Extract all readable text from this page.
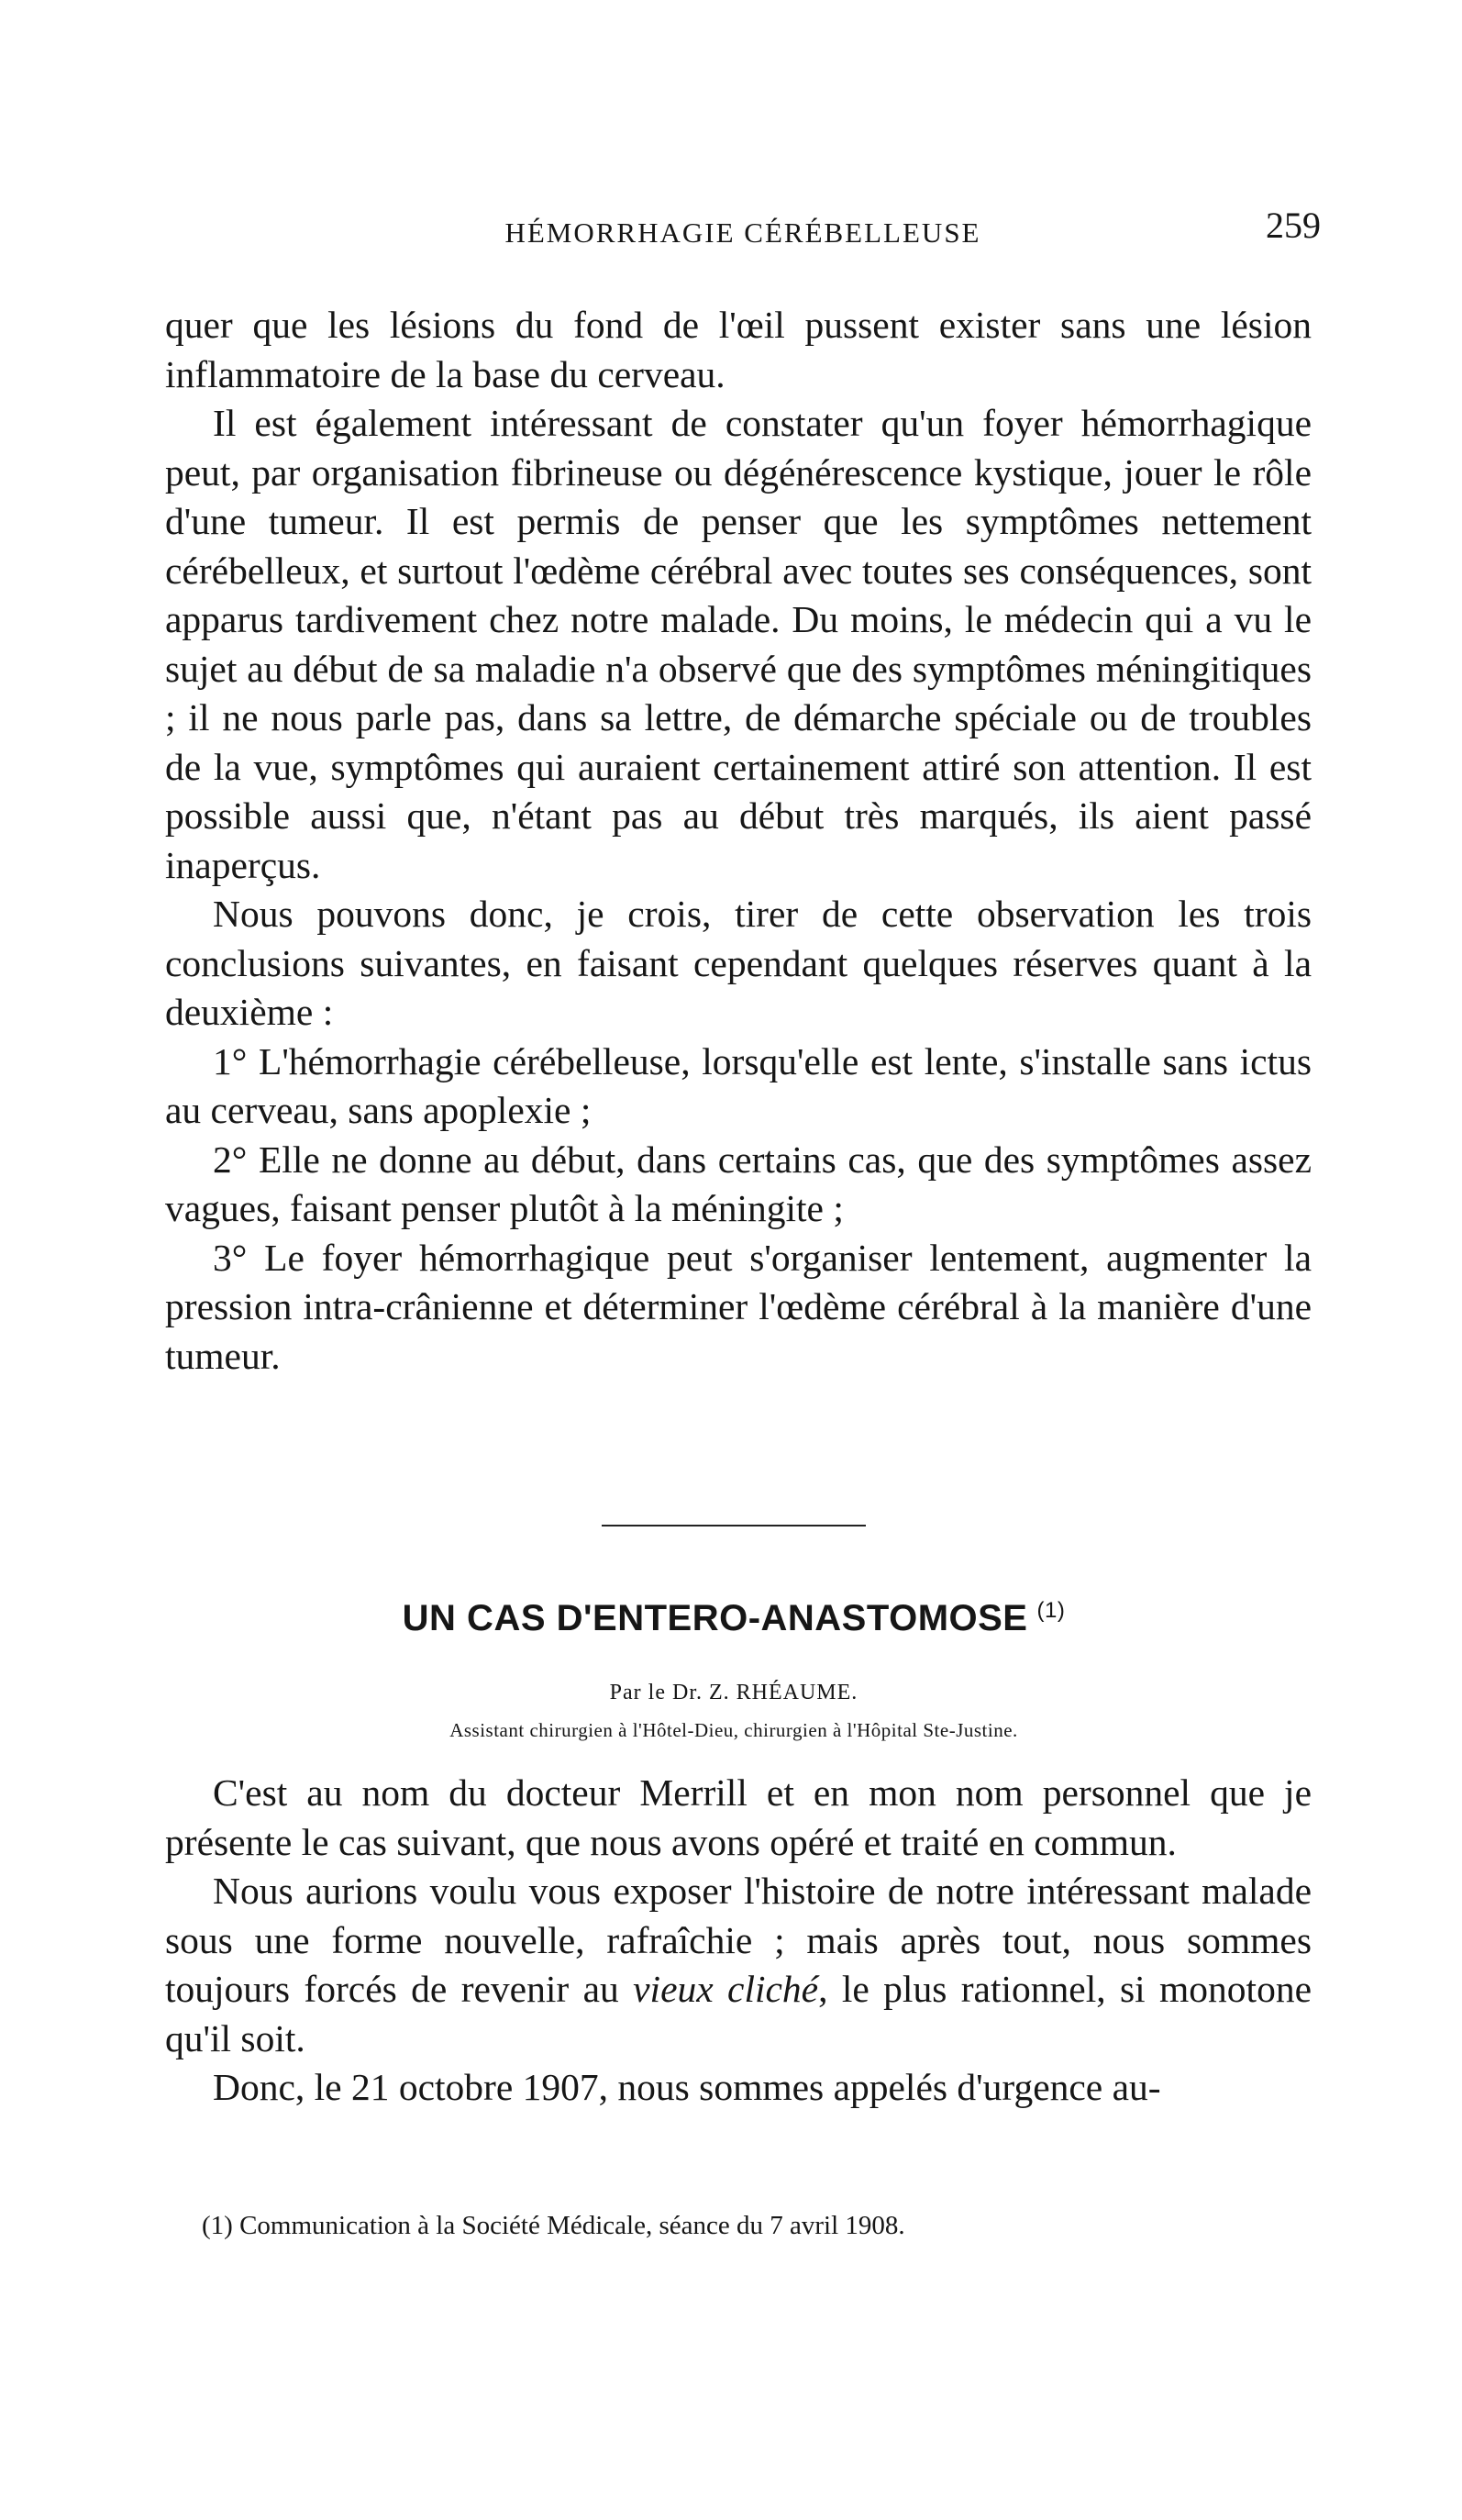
HÉMORRHAGIE CÉRÉBELLEUSE	259

quer que les lésions du fond de l'œil pussent exister sans une lésion inflammatoire de la base du cerveau.

Il est également intéressant de constater qu'un foyer hémorrhagique peut, par organisation fibrineuse ou dégénérescence kystique, jouer le rôle d'une tumeur. Il est permis de penser que les symptômes nettement cérébelleux, et surtout l'œdème cérébral avec toutes ses conséquences, sont apparus tardivement chez notre malade. Du moins, le médecin qui a vu le sujet au début de sa maladie n'a observé que des symptômes méningitiques ; il ne nous parle pas, dans sa lettre, de démarche spéciale ou de troubles de la vue, symptômes qui auraient certainement attiré son attention. Il est possible aussi que, n'étant pas au début très marqués, ils aient passé inaperçus.

Nous pouvons donc, je crois, tirer de cette observation les trois conclusions suivantes, en faisant cependant quelques réserves quant à la deuxième :

1° L'hémorrhagie cérébelleuse, lorsqu'elle est lente, s'installe sans ictus au cerveau, sans apoplexie ;

2° Elle ne donne au début, dans certains cas, que des symptômes assez vagues, faisant penser plutôt à la méningite ;

3° Le foyer hémorrhagique peut s'organiser lentement, augmenter la pression intra-crânienne et déterminer l'œdème cérébral à la manière d'une tumeur.

UN CAS D'ENTERO-ANASTOMOSE $^{(1)}$
Par le Dr. Z. RHÉAUME.
Assistant chirurgien à l'Hôtel-Dieu, chirurgien à l'Hôpital Ste-Justine.

C'est au nom du docteur Merrill et en mon nom personnel que je présente le cas suivant, que nous avons opéré et traité en commun.

Nous aurions voulu vous exposer l'histoire de notre intéressant malade sous une forme nouvelle, rafraîchie ; mais après tout, nous sommes toujours forcés de revenir au vieux cliché, le plus rationnel, si monotone qu'il soit.

Donc, le 21 octobre 1907, nous sommes appelés d'urgence au-

(1) Communication à la Société Médicale, séance du 7 avril 1908.
